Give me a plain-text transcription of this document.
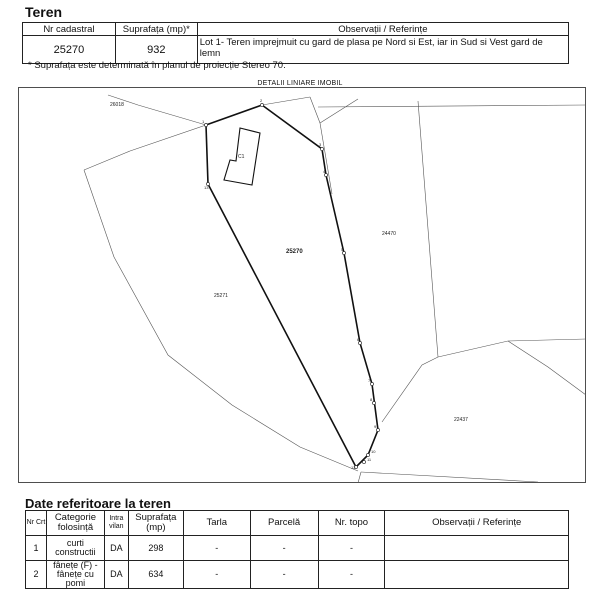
Teren
Nr cadastral	Suprafața (mp)*	Observații / Referințe
25270	932	Lot 1- Teren imprejmuit cu gard de plasa pe Nord si Est, iar in Sud si Vest gard de lemn
* Suprafața este determinată în planul de proiecție Stereo 70.
DETALII LINIARE IMOBIL
1
2
3
4
5
6
7
8
9
10
11
12
13
C1
26018
25270
25271
24470
22437
Date referitoare la teren
Nr Crt	Categorie folosință	Intra vilan	Suprafața (mp)	Tarla	Parcelă	Nr. topo	Observații / Referințe
1	curti constructii	DA	298	-	-	-	
2	fânețe (F) - fânețe cu pomi	DA	634	-	-	-	
